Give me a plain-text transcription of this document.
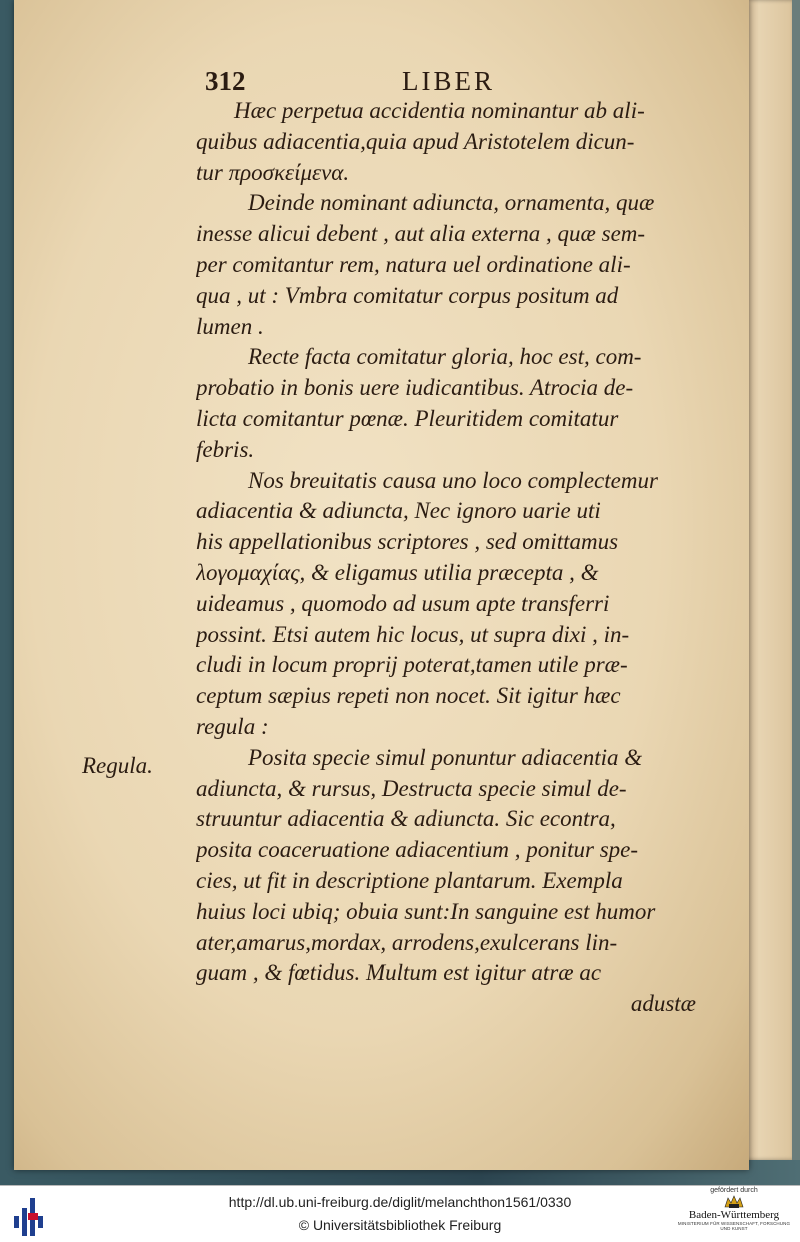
312	LIBER
Regula.
Hæc perpetua accidentia nominantur ab ali-
quibus adiacentia,quia apud Aristotelem dicun-
tur προσκείμενα.
Deinde nominant adiuncta, ornamenta, quæ
inesse alicui debent , aut alia externa , quæ sem-
per comitantur rem, natura uel ordinatione ali-
qua , ut : Vmbra comitatur corpus positum ad
lumen .
Recte facta comitatur gloria, hoc est, com-
probatio in bonis uere iudicantibus. Atrocia de-
licta comitantur pœnæ. Pleuritidem comitatur
febris.
Nos breuitatis causa uno loco complectemur
adiacentia & adiuncta, Nec ignoro uarie uti
his appellationibus scriptores , sed omittamus
λογομαχίας, & eligamus utilia præcepta , &
uideamus , quomodo ad usum apte transferri
possint. Etsi autem hic locus, ut supra dixi , in-
cludi in locum proprij poterat,tamen utile præ-
ceptum sæpius repeti non nocet. Sit igitur hæc
regula :
Posita specie simul ponuntur adiacentia &
adiuncta, & rursus, Destructa specie simul de-
struuntur adiacentia & adiuncta. Sic econtra,
posita coaceruatione adiacentium , ponitur spe-
cies, ut fit in descriptione plantarum. Exempla
huius loci ubiq; obuia sunt:In sanguine est humor
ater,amarus,mordax, arrodens,exulcerans lin-
guam , & fœtidus. Multum est igitur atræ ac
adustæ
http://dl.ub.uni-freiburg.de/diglit/melanchthon1561/0330
© Universitätsbibliothek Freiburg
gefördert durch
Baden-Württemberg
MINISTERIUM FÜR WISSENSCHAFT, FORSCHUNG UND KUNST
